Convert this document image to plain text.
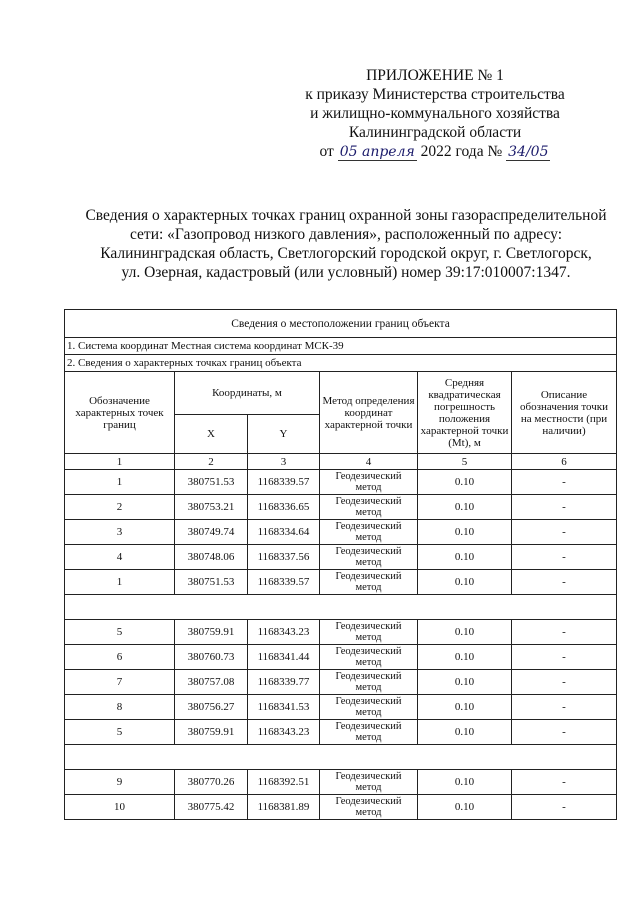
ПРИЛОЖЕНИЕ № 1
к приказу Министерства строительства
и жилищно-коммунального хозяйства
Калининградской области
от 05 апреля 2022 года № 34/05
Сведения о характерных точках границ охранной зоны газораспределительной
сети: «Газопровод низкого давления», расположенный по адресу:
Калининградская область, Светлогорский городской округ, г. Светлогорск,
ул. Озерная, кадастровый (или условный) номер 39:17:010007:1347.
Сведения о местоположении границ объекта					
1. Система координат Местная система координат МСК-39					
2. Сведения о характерных точках границ объекта					
Обозначение характерных точек границ	Координаты, м		Метод определения координат характерной точки	Средняя квадратическая погрешность положения характерной точки (Mt), м	Описание обозначения точки на местности (при наличии)
	X	Y			
1	2	3	4	5	6
1	380751.53	1168339.57	Геодезический метод	0.10	-
2	380753.21	1168336.65	Геодезический метод	0.10	-
3	380749.74	1168334.64	Геодезический метод	0.10	-
4	380748.06	1168337.56	Геодезический метод	0.10	-
1	380751.53	1168339.57	Геодезический метод	0.10	-

5	380759.91	1168343.23	Геодезический метод	0.10	-
6	380760.73	1168341.44	Геодезический метод	0.10	-
7	380757.08	1168339.77	Геодезический метод	0.10	-
8	380756.27	1168341.53	Геодезический метод	0.10	-
5	380759.91	1168343.23	Геодезический метод	0.10	-

9	380770.26	1168392.51	Геодезический метод	0.10	-
10	380775.42	1168381.89	Геодезический метод	0.10	-
